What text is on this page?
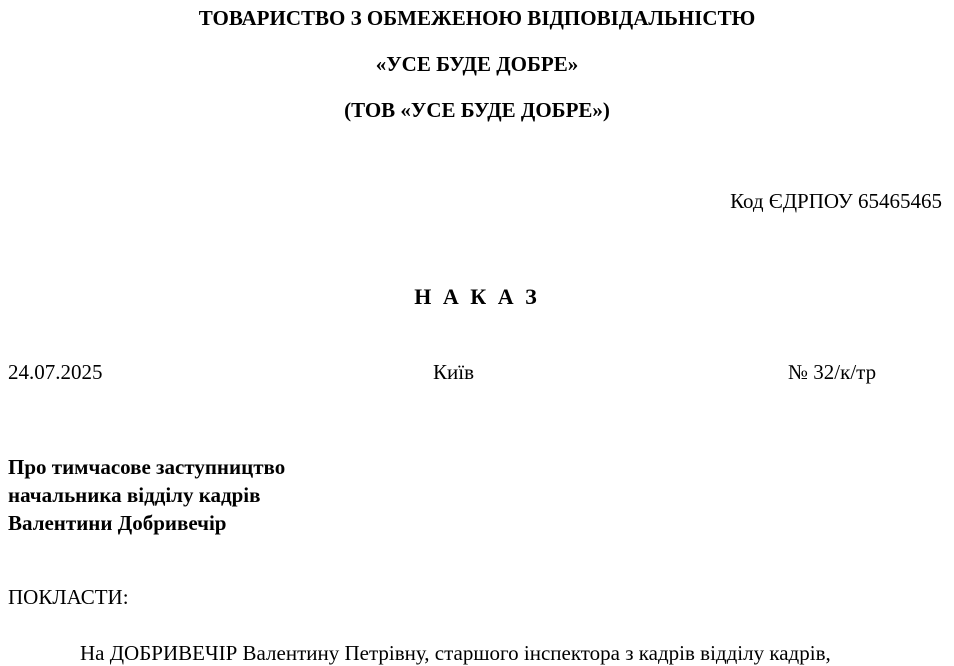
ТОВАРИСТВО З ОБМЕЖЕНОЮ ВІДПОВІДАЛЬНІСТЮ
«УСЕ БУДЕ ДОБРЕ»
(ТОВ «УСЕ БУДЕ ДОБРЕ»)
Код ЄДРПОУ 65465465
Н А К А З
24.07.2025	Київ	№ 32/к/тр
Про тимчасове заступництво
начальника відділу кадрів
Валентини Добривечір
ПОКЛАСТИ:
На ДОБРИВЕЧІР Валентину Петрівну, старшого інспектора з кадрів відділу кадрів,
